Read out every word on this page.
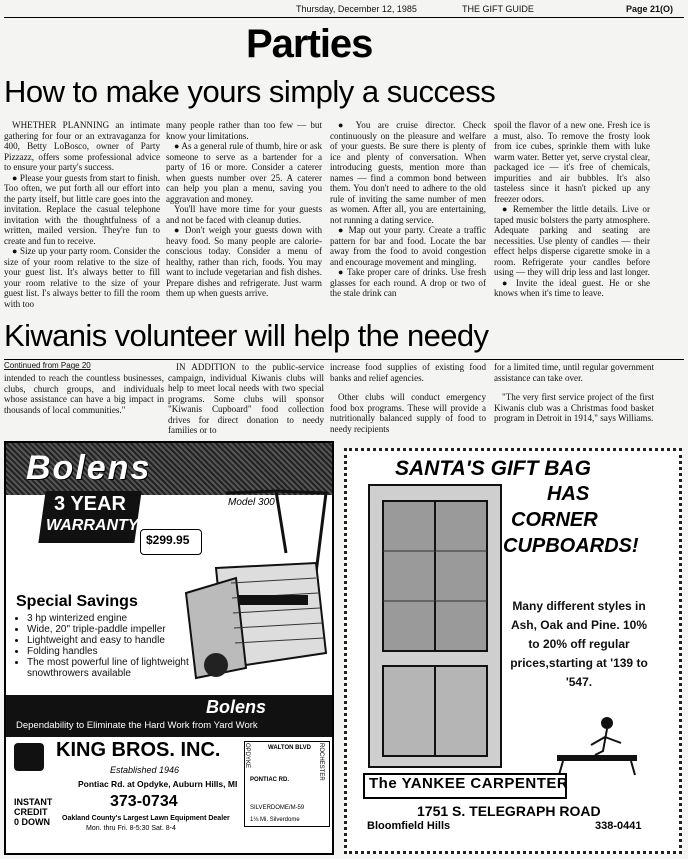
Thursday, December 12, 1985	THE GIFT GUIDE	Page 21(O)
Parties
How to make yours simply a success

WHETHER PLANNING an intimate gathering for four or an extravaganza for 400, Betty LoBosco, owner of Party Pizzazz, offers some professional advice to ensure your party's success.

● Please your guests from start to finish. Too often, we put forth all our effort into the party itself, but little care goes into the invitation. Replace the casual telephone invitation with the thoughtfulness of a written, mailed version. They're fun to create and fun to receive.

● Size up your party room. Consider the size of your room relative to the size of your guest list. It's always better to fill your room relative to the size of your guest list. I's always better to fill the room with too

many people rather than too few — but know your limitations.

● As a general rule of thumb, hire or ask someone to serve as a bartender for a party of 16 or more. Consider a caterer when guests number over 25. A caterer can help you plan a menu, saving you aggravation and money.

You'll have more time for your guests and not be faced with cleanup duties.

● Don't weigh your guests down with heavy food. So many people are calorie-conscious today. Consider a menu of healthy, rather than rich, foods. You may want to include vegetarian and fish dishes. Prepare dishes and refrigerate. Just warm them up when guests arrive.

● You are cruise director. Check continuously on the pleasure and welfare of your guests. Be sure there is plenty of ice and plenty of conversation. When introducing guests, mention more than names — find a common bond between them. You don't need to adhere to the old rule of inviting the same number of men as women. After all, you are entertaining, not running a dating service.

● Map out your party. Create a traffic pattern for bar and food. Locate the bar away from the food to avoid congestion and encourage movement and mingling.

● Take proper care of drinks. Use fresh glasses for each round. A drop or two of the stale drink can

spoil the flavor of a new one. Fresh ice is a must, also. To remove the frosty look from ice cubes, sprinkle them with luke warm water. Better yet, serve crystal clear, packaged ice — it's free of chemicals, impurities and air bubbles. It's also tasteless since it hasn't picked up any freezer odors.

● Remember the little details. Live or taped music bolsters the party atmosphere. Adequate parking and seating are necessities. Use plenty of candles — their effect helps disperse cigarette smoke in a room. Refrigerate your candles before using — they will drip less and last longer.

● Invite the ideal guest. He or she knows when it's time to leave.

Kiwanis volunteer will help the needy
Continued from Page 20

intended to reach the countless businesses, clubs, church groups, and individuals whose assistance can have a big impact in thousands of local communities."

IN ADDITION to the public-service campaign, individual Kiwanis clubs will help to meet local needs with two special programs. Some clubs will sponsor "Kiwanis Cupboard" food collection drives for direct donation to needy families or to

increase food supplies of existing food banks and relief agencies.

Other clubs will conduct emergency food box programs. These will provide a nutritionally balanced supply of food to needy recipients

for a limited time, until regular government assistance can take over.

"The very first service project of the first Kiwanis club was a Christmas food basket program in Detroit in 1914," says Williams.

Bolens
3 YEAR
WARRANTY
$299.95
Model 300
Special Savings
• 3 hp winterized engine
• Wide, 20" triple-paddle impeller
• Lightweight and easy to handle
• Folding handles
• The most powerful line of lightweight snowthrowers available
Bolens
Dependability to Eliminate the Hard Work from Yard Work
KING BROS. INC.
Established 1946
Pontiac Rd. at Opdyke, Auburn Hills, MI
373-0734
INSTANT
CREDIT
0 DOWN Oakland County's Largest Lawn Equipment Dealer
Mon. thru Fri. 8-5:30 Sat. 8-4
OPDYKE	WALTON BLVD
PONTIAC RD.	ROCHESTER
SILVERDOME/M-59
1⅛ Mi. Silverdome
SANTA'S GIFT BAG
HAS
CORNER
CUPBOARDS!
Many different styles in Ash, Oak and Pine. 10% to 20% off regular prices,starting at '139 to '547.
The YANKEE CARPENTER
1751 S. TELEGRAPH ROAD
Bloomfield Hills	338-0441
